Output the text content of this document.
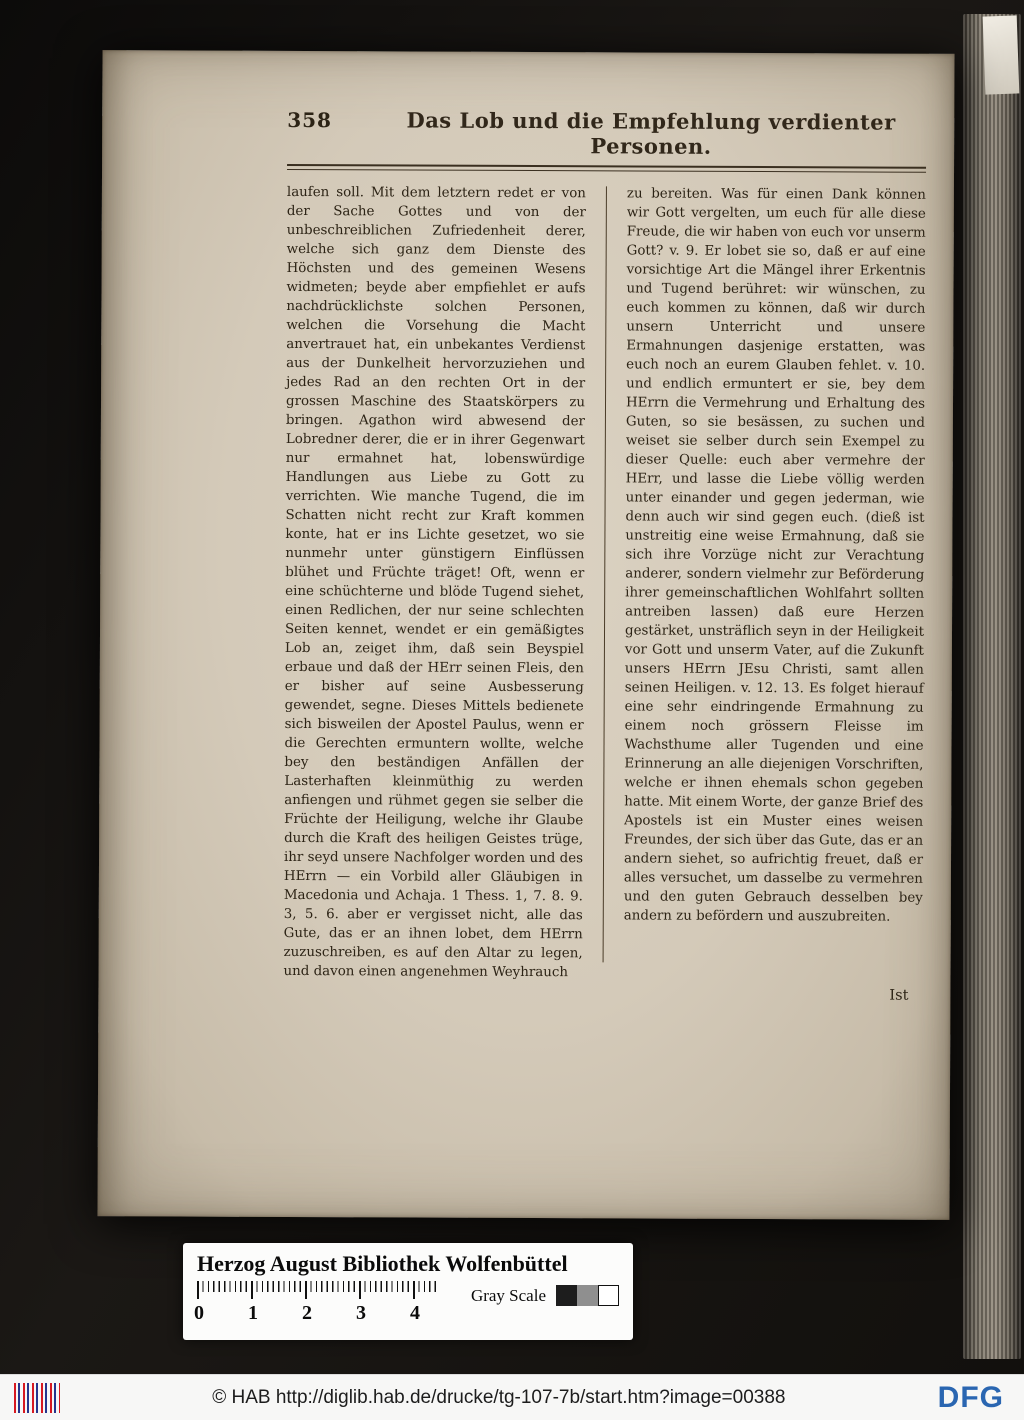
358	Das Lob und die Empfehlung verdienter Personen.
laufen soll. Mit dem letztern redet er von der Sache Gottes und von der unbeschreiblichen Zufriedenheit derer, welche sich ganz dem Dienste des Höchsten und des gemeinen Wesens widmeten; beyde aber empfiehlet er aufs nachdrücklichste solchen Personen, welchen die Vorsehung die Macht anvertrauet hat, ein unbekantes Verdienst aus der Dunkelheit hervorzuziehen und jedes Rad an den rechten Ort in der grossen Maschine des Staatskörpers zu bringen. Agathon wird abwesend der Lobredner derer, die er in ihrer Gegenwart nur ermahnet hat, lobenswürdige Handlungen aus Liebe zu Gott zu verrichten. Wie manche Tugend, die im Schatten nicht recht zur Kraft kommen konte, hat er ins Lichte gesetzet, wo sie nunmehr unter günstigern Einflüssen blühet und Früchte träget! Oft, wenn er eine schüchterne und blöde Tugend siehet, einen Redlichen, der nur seine schlechten Seiten kennet, wendet er ein gemäßigtes Lob an, zeiget ihm, daß sein Beyspiel erbaue und daß der HErr seinen Fleis, den er bisher auf seine Ausbesserung gewendet, segne. Dieses Mittels bedienete sich bisweilen der Apostel Paulus, wenn er die Gerechten ermuntern wollte, welche bey den beständigen Anfällen der Lasterhaften kleinmüthig zu werden anfiengen und rühmet gegen sie selber die Früchte der Heiligung, welche ihr Glaube durch die Kraft des heiligen Geistes trüge, ihr seyd unsere Nachfolger worden und des HErrn — ein Vorbild aller Gläubigen in Macedonia und Achaja. 1 Thess. 1, 7. 8. 9. 3, 5. 6. aber er vergisset nicht, alle das Gute, das er an ihnen lobet, dem HErrn zuzuschreiben, es auf den Altar zu legen, und davon einen angenehmen Weyhrauch
zu bereiten. Was für einen Dank können wir Gott vergelten, um euch für alle diese Freude, die wir haben von euch vor unserm Gott? v. 9. Er lobet sie so, daß er auf eine vorsichtige Art die Mängel ihrer Erkentnis und Tugend berühret: wir wünschen, zu euch kommen zu können, daß wir durch unsern Unterricht und unsere Ermahnungen dasjenige erstatten, was euch noch an eurem Glauben fehlet. v. 10. und endlich ermuntert er sie, bey dem HErrn die Vermehrung und Erhaltung des Guten, so sie besässen, zu suchen und weiset sie selber durch sein Exempel zu dieser Quelle: euch aber vermehre der HErr, und lasse die Liebe völlig werden unter einander und gegen jederman, wie denn auch wir sind gegen euch. (dieß ist unstreitig eine weise Ermahnung, daß sie sich ihre Vorzüge nicht zur Verachtung anderer, sondern vielmehr zur Beförderung ihrer gemeinschaftlichen Wohlfahrt sollten antreiben lassen) daß eure Herzen gestärket, unsträflich seyn in der Heiligkeit vor Gott und unserm Vater, auf die Zukunft unsers HErrn JEsu Christi, samt allen seinen Heiligen. v. 12. 13. Es folget hierauf eine sehr eindringende Ermahnung zu einem noch grössern Fleisse im Wachsthume aller Tugenden und eine Erinnerung an alle diejenigen Vorschriften, welche er ihnen ehemals schon gegeben hatte. Mit einem Worte, der ganze Brief des Apostels ist ein Muster eines weisen Freundes, der sich über das Gute, das er an andern siehet, so aufrichtig freuet, daß er alles versuchet, um dasselbe zu vermehren und den guten Gebrauch desselben bey andern zu befördern und auszubreiten.
Ist
Herzog August Bibliothek Wolfenbüttel
0 1 2 3 4
Gray Scale
© HAB http://diglib.hab.de/drucke/tg-107-7b/start.htm?image=00388	DFG
